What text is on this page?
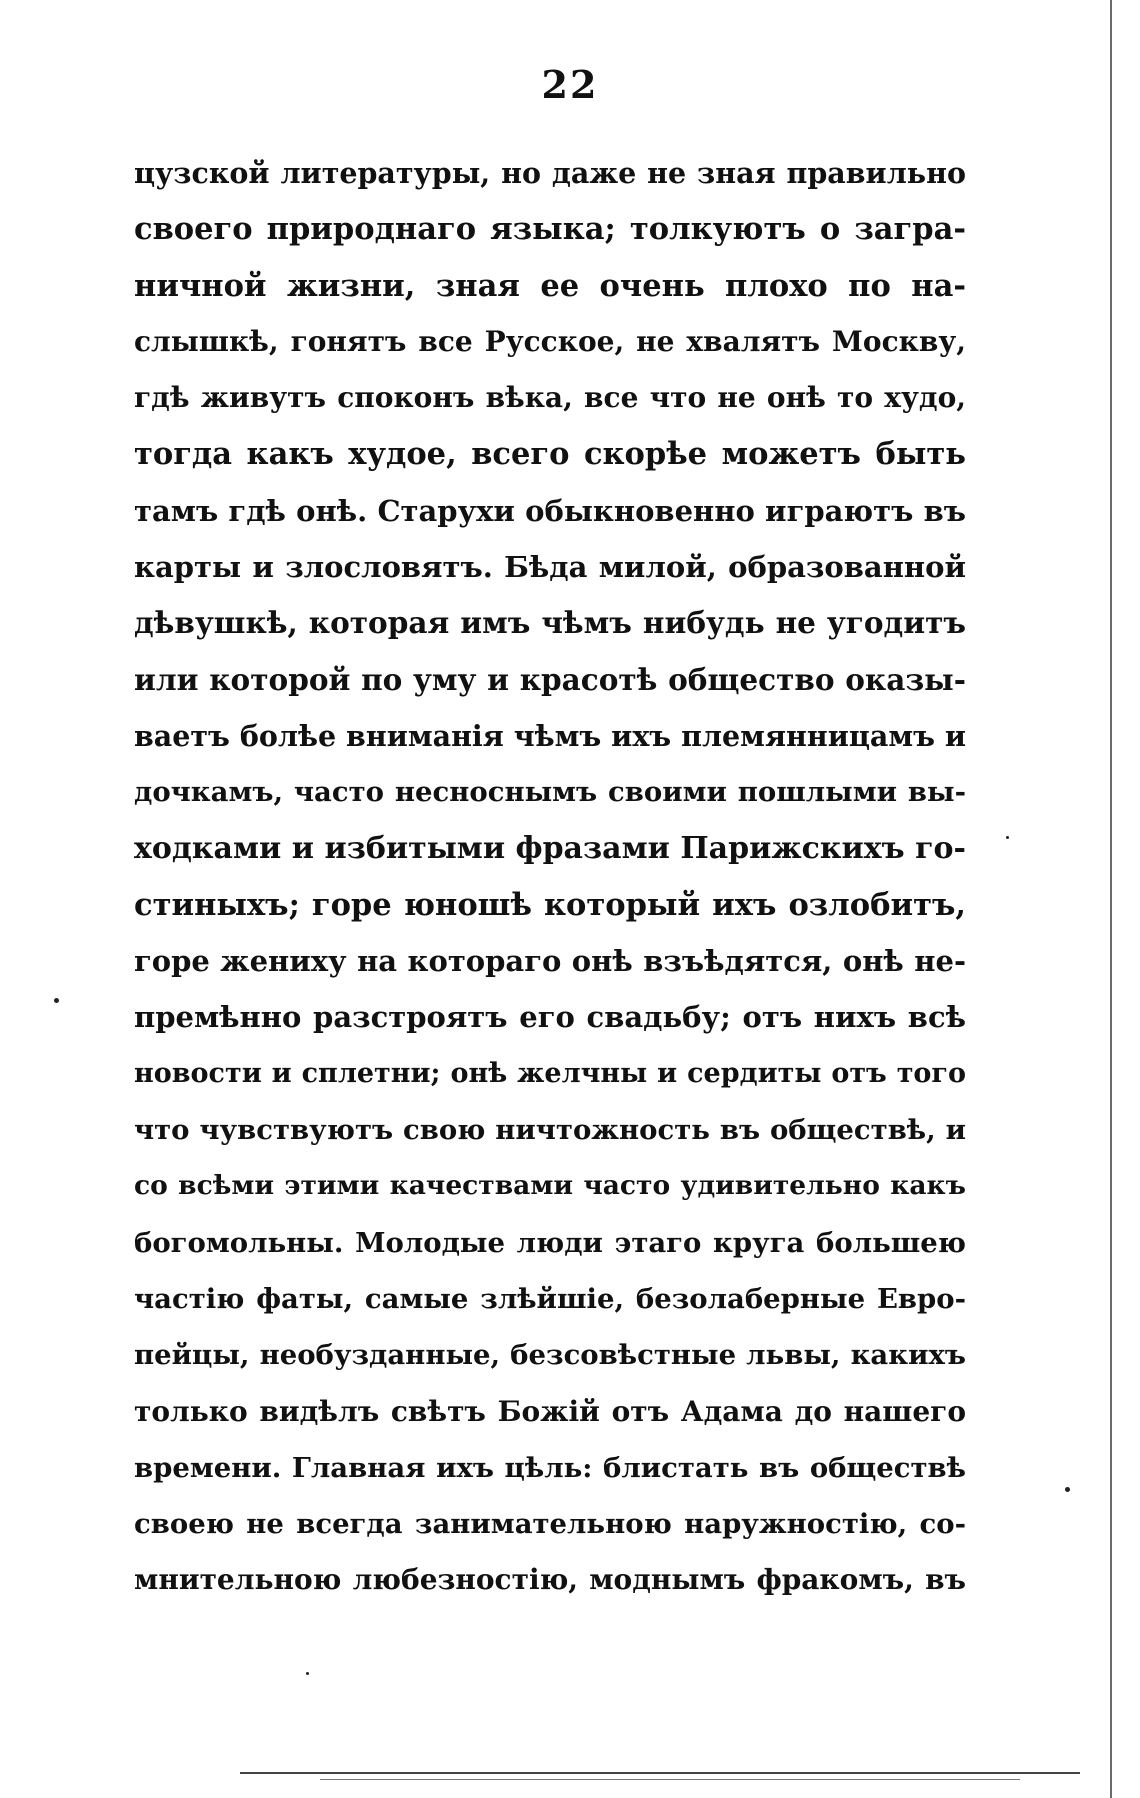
22
цузской литературы, но даже не зная правильно
своего природнаго языка; толкуютъ о загра-
ничной жизни, зная ее очень плохо по на-
слышкѣ, гонятъ все Русское, не хвалятъ Москву,
гдѣ живутъ споконъ вѣка, все что не онѣ то худо,
тогда какъ худое, всего скорѣе можетъ быть
тамъ гдѣ онѣ. Старухи обыкновенно играютъ въ
карты и злословятъ. Бѣда милой, образованной
дѣвушкѣ, которая имъ чѣмъ нибудь не угодитъ
или которой по уму и красотѣ общество оказы-
ваетъ болѣе вниманія чѣмъ ихъ племянницамъ и
дочкамъ, часто несноснымъ своими пошлыми вы-
ходками и избитыми фразами Парижскихъ го-
стиныхъ; горе юношѣ который ихъ озлобитъ,
горе жениху на котораго онѣ взъѣдятся, онѣ не-
премѣнно разстроятъ его свадьбу; отъ нихъ всѣ
новости и сплетни; онѣ желчны и сердиты отъ того
что чувствуютъ свою ничтожность въ обществѣ, и
со всѣми этими качествами часто удивительно какъ
богомольны. Молодые люди этаго круга большею
частію фаты, самые злѣйшіе, безолаберные Евро-
пейцы, необузданные, безсовѣстные львы, какихъ
только видѣлъ свѣтъ Божій отъ Адама до нашего
времени. Главная ихъ цѣль: блистать въ обществѣ
своею не всегда занимательною наружностію, со-
мнительною любезностію, моднымъ фракомъ, въ
